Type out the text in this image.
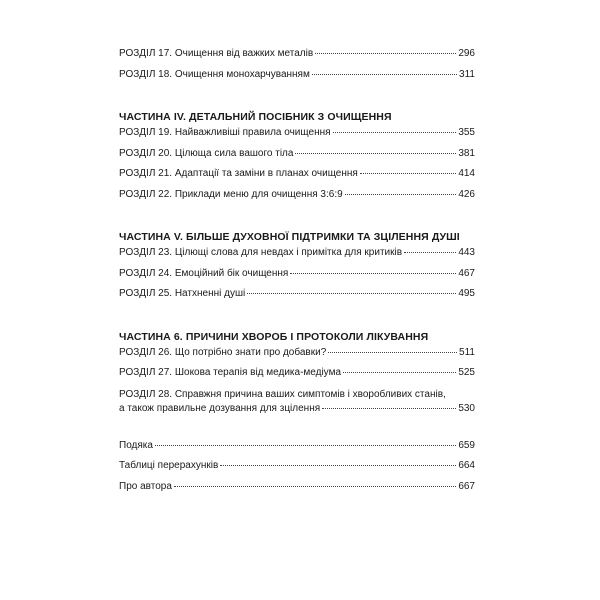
РОЗДІЛ 17. Очищення від важких металів	296
РОЗДІЛ 18. Очищення монохарчуванням	311
ЧАСТИНА IV. ДЕТАЛЬНИЙ ПОСІБНИК З ОЧИЩЕННЯ
РОЗДІЛ 19. Найважливіші правила очищення	355
РОЗДІЛ 20. Цілюща сила вашого тіла	381
РОЗДІЛ 21. Адаптації та заміни в планах очищення	414
РОЗДІЛ 22. Приклади меню для очищення 3:6:9	426
ЧАСТИНА V. БІЛЬШЕ ДУХОВНОЇ ПІДТРИМКИ ТА ЗЦІЛЕННЯ ДУШІ
РОЗДІЛ 23. Цілющі слова для невдах і примітка для критиків	443
РОЗДІЛ 24. Емоційний бік очищення	467
РОЗДІЛ 25. Натхненні душі	495
ЧАСТИНА 6. ПРИЧИНИ ХВОРОБ І ПРОТОКОЛИ ЛІКУВАННЯ
РОЗДІЛ 26. Що потрібно знати про добавки?	511
РОЗДІЛ 27. Шокова терапія від медика-медіума	525
РОЗДІЛ 28. Справжня причина ваших симптомів і хворобливих станів,
а також правильне дозування для зцілення	530
Подяка	659
Таблиці перерахунків	664
Про автора	667
